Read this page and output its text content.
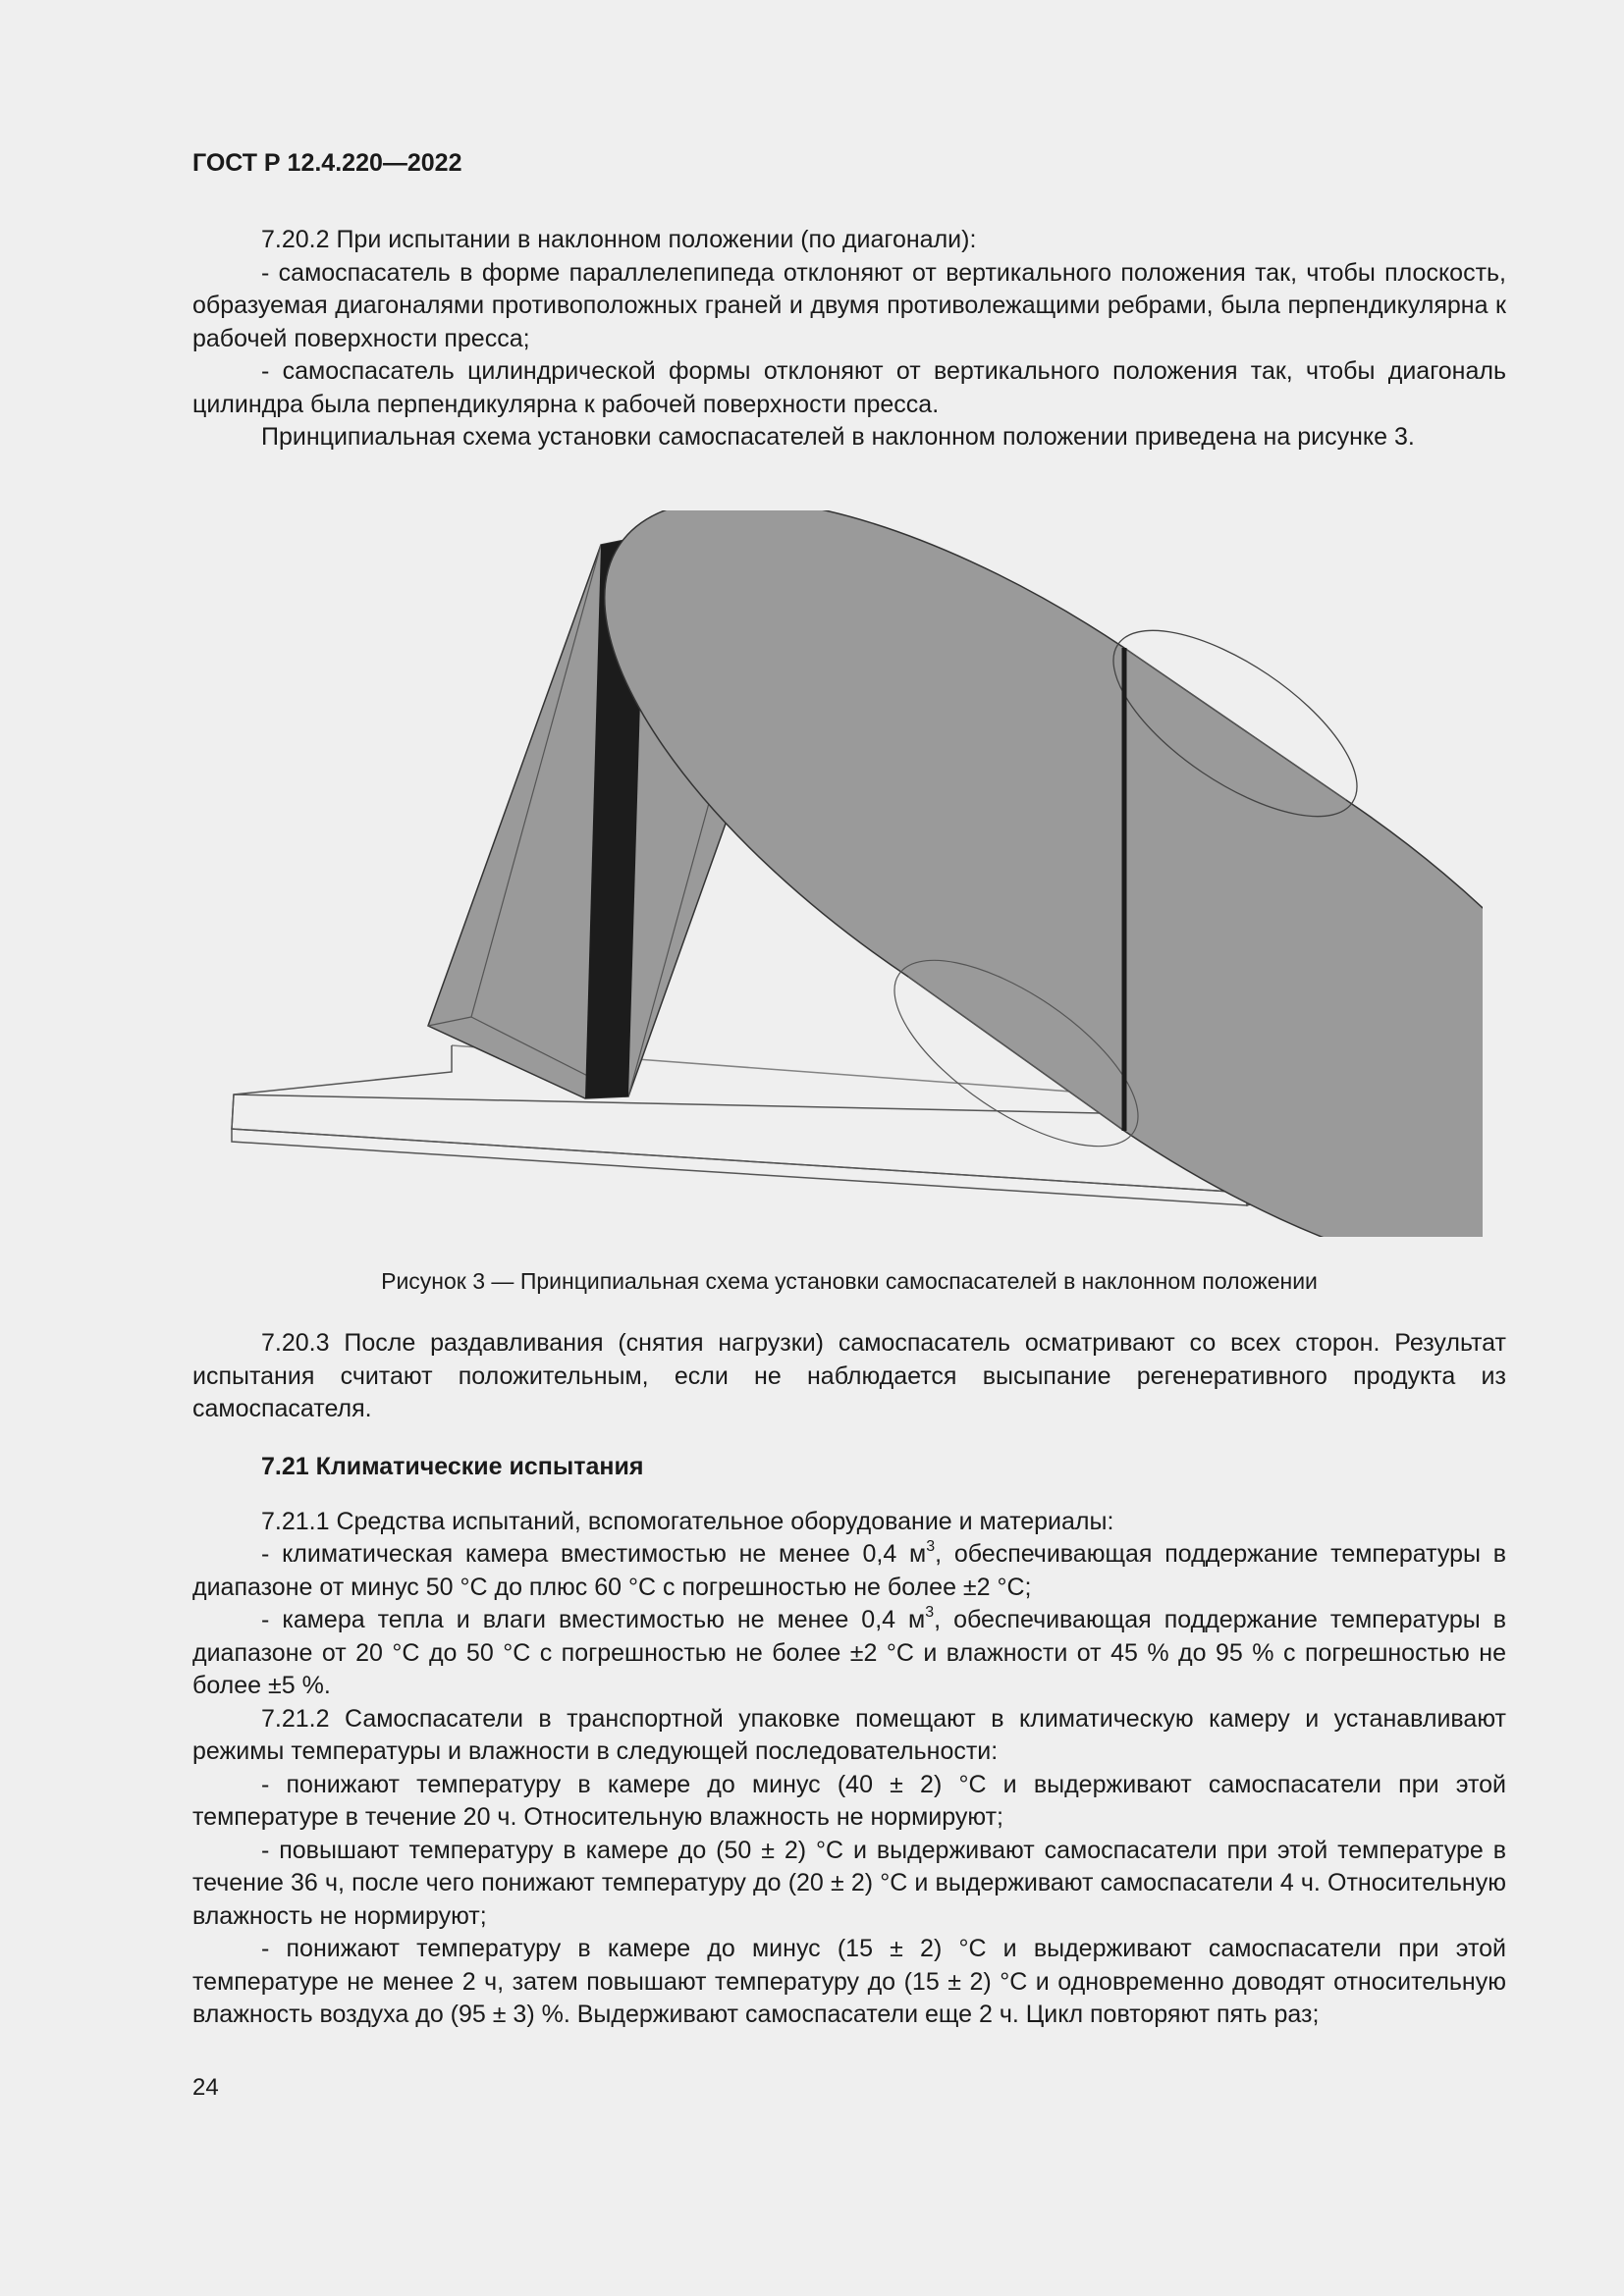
ГОСТ Р 12.4.220—2022

7.20.2 При испытании в наклонном положении (по диагонали):

- самоспасатель в форме параллелепипеда отклоняют от вертикального положения так, чтобы плоскость, образуемая диагоналями противоположных граней и двумя противолежащими ребрами, была перпендикулярна к рабочей поверхности пресса;

- самоспасатель цилиндрической формы отклоняют от вертикального положения так, чтобы диагональ цилиндра была перпендикулярна к рабочей поверхности пресса.

Принципиальная схема установки самоспасателей в наклонном положении приведена на рисунке 3.

Рисунок 3 — Принципиальная схема установки самоспасателей в наклонном положении

7.20.3 После раздавливания (снятия нагрузки) самоспасатель осматривают со всех сторон. Результат испытания считают положительным, если не наблюдается высыпание регенеративного продукта из самоспасателя.

7.21 Климатические испытания

7.21.1 Средства испытаний, вспомогательное оборудование и материалы:

- климатическая камера вместимостью не менее 0,4 $м^3$, обеспечивающая поддержание температуры в диапазоне от минус 50 °С до плюс 60 °С с погрешностью не более ±2 °С;

- камера тепла и влаги вместимостью не менее 0,4 $м^3$, обеспечивающая поддержание температуры в диапазоне от 20 °С до 50 °С с погрешностью не более ±2 °С и влажности от 45 % до 95 % с погрешностью не более ±5 %.

7.21.2 Самоспасатели в транспортной упаковке помещают в климатическую камеру и устанавливают режимы температуры и влажности в следующей последовательности:

- понижают температуру в камере до минус (40 ± 2) °С и выдерживают самоспасатели при этой температуре в течение 20 ч. Относительную влажность не нормируют;

- повышают температуру в камере до (50 ± 2) °С и выдерживают самоспасатели при этой температуре в течение 36 ч, после чего понижают температуру до (20 ± 2) °С и выдерживают самоспасатели 4 ч. Относительную влажность не нормируют;

- понижают температуру в камере до минус (15 ± 2) °С и выдерживают самоспасатели при этой температуре не менее 2 ч, затем повышают температуру до (15 ± 2) °С и одновременно доводят относительную влажность воздуха до (95 ± 3) %. Выдерживают самоспасатели еще 2 ч. Цикл повторяют пять раз;

24
